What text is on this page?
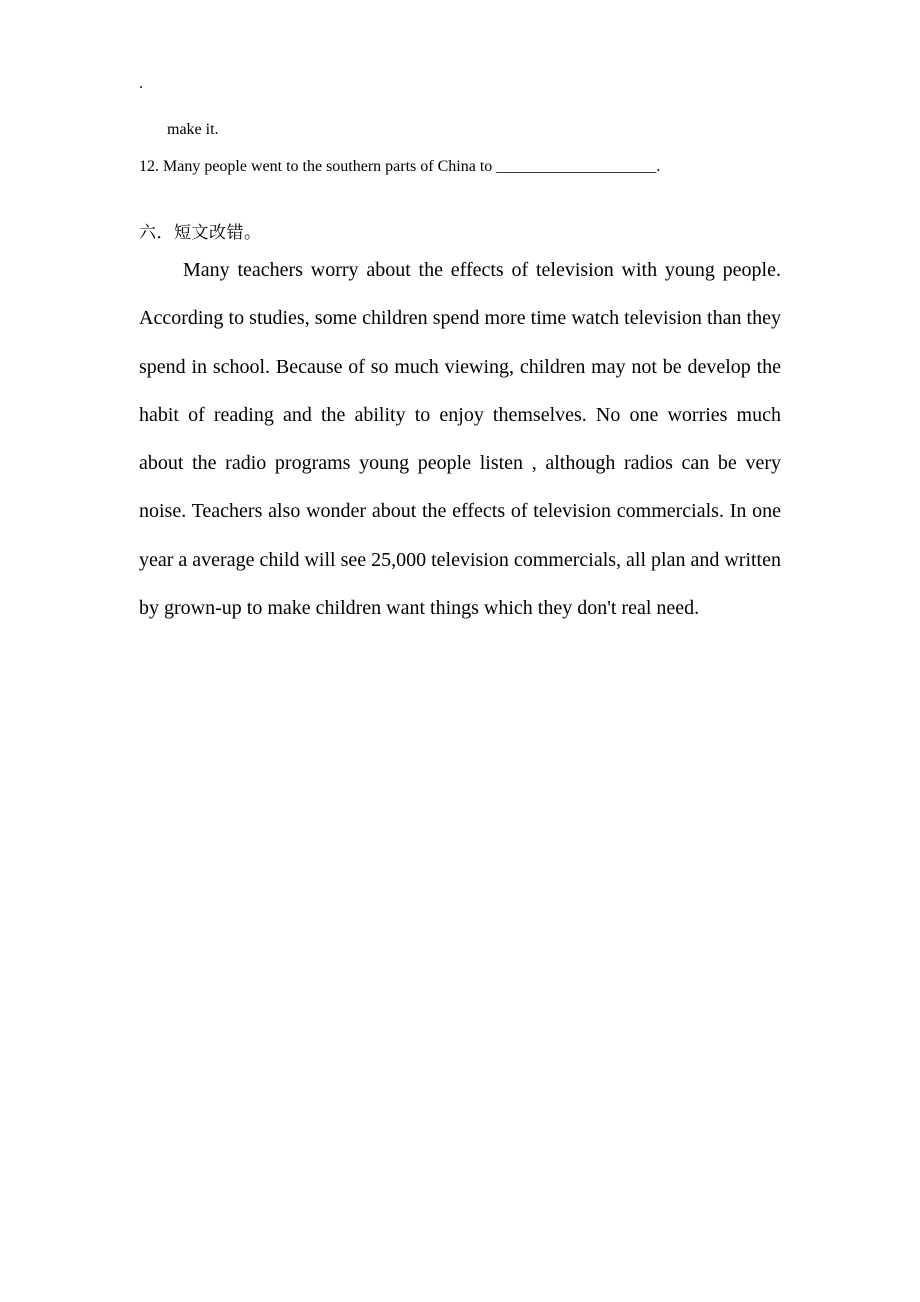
.
make it.
12. Many people went to the southern parts of China to ____________________.
六．短文改错。

Many teachers worry about the effects of television with young people. According to studies, some children spend more time watch television than they spend in school. Because of so much viewing, children may not be develop the habit of reading and the ability to enjoy themselves. No one worries much about the radio programs young people listen , although radios can be very noise. Teachers also wonder about the effects of television commercials. In one year a average child will see 25,000 television commercials, all plan and written by grown-up to make children want things which they don't real need.
